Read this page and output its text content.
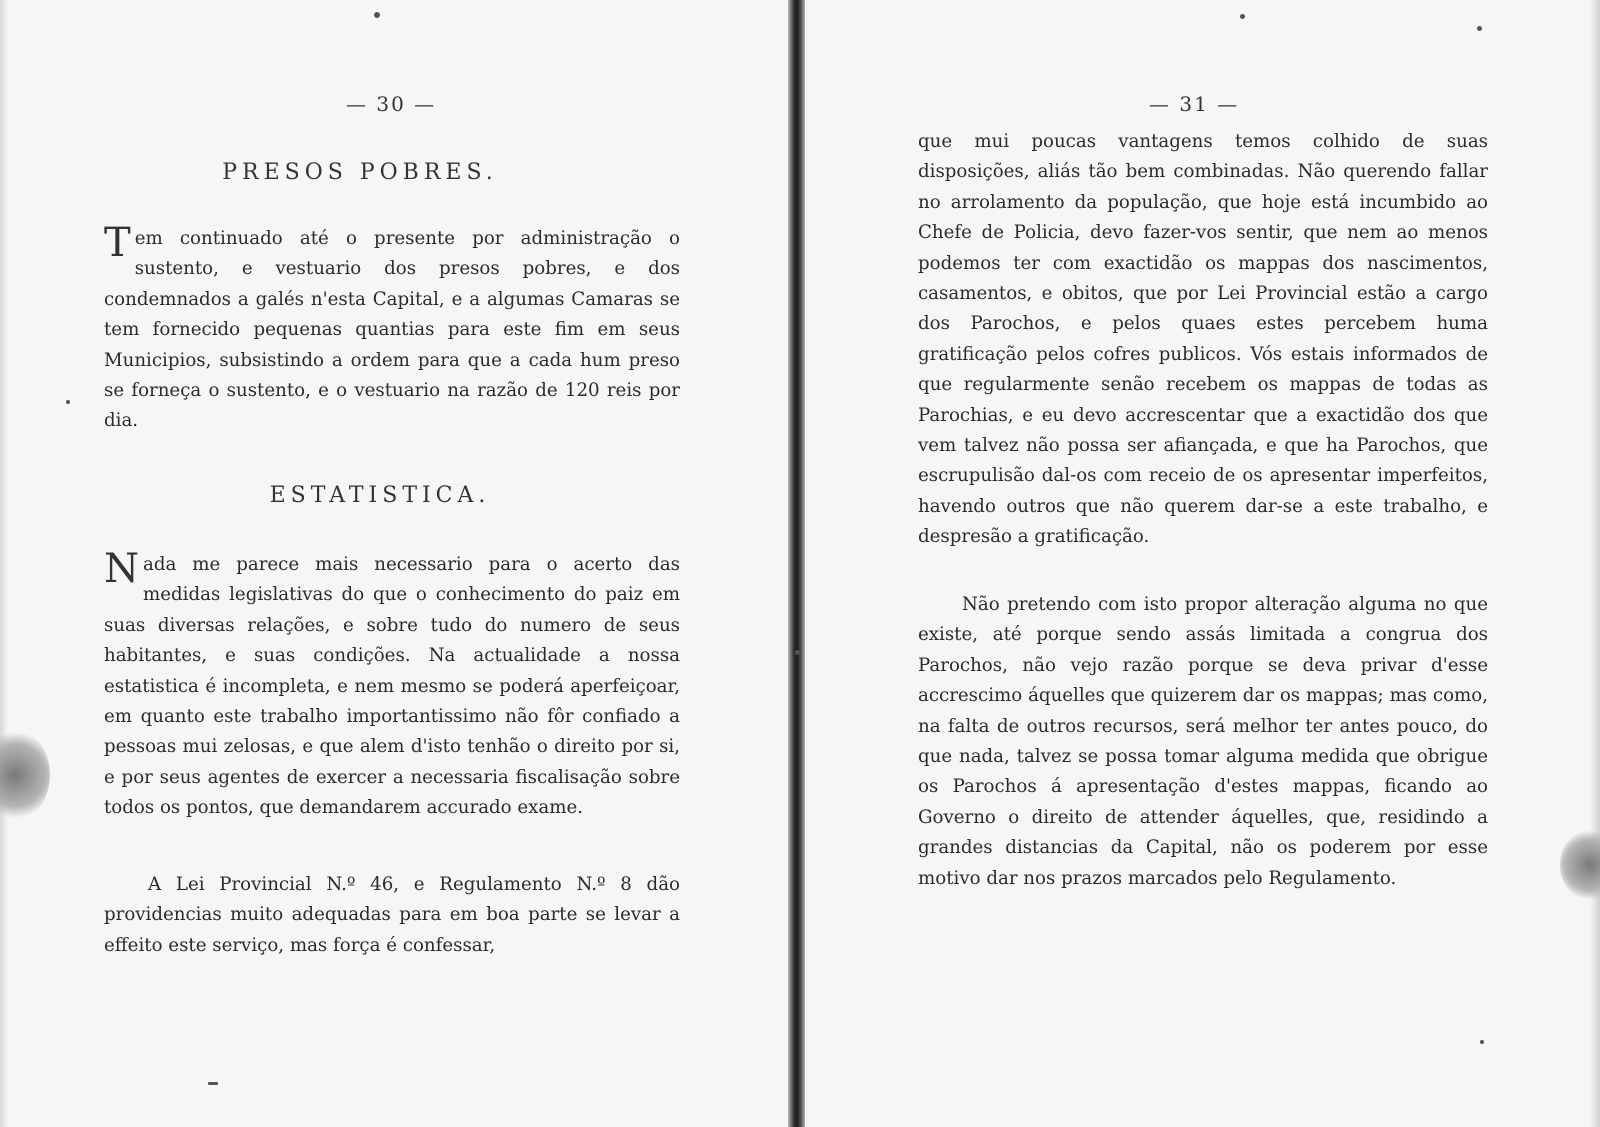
— 30 —
PRESOS POBRES.
Tem continuado até o presente por administração o sustento, e vestuario dos presos pobres, e dos condemnados a galés n'esta Capital, e a algumas Camaras se tem fornecido pequenas quantias para este fim em seus Municipios, subsistindo a ordem para que a cada hum preso se forneça o sustento, e o vestuario na razão de 120 reis por dia.
ESTATISTICA.
Nada me parece mais necessario para o acerto das medidas legislativas do que o conhecimento do paiz em suas diversas relações, e sobre tudo do numero de seus habitantes, e suas condições. Na actualidade a nossa estatistica é incompleta, e nem mesmo se poderá aperfeiçoar, em quanto este trabalho importantissimo não fôr confiado a pessoas mui zelosas, e que alem d'isto tenhão o direito por si, e por seus agentes de exercer a necessaria fiscalisação sobre todos os pontos, que demandarem accurado exame.
A Lei Provincial N.º 46, e Regulamento N.º 8 dão providencias muito adequadas para em boa parte se levar a effeito este serviço, mas força é confessar,
— 31 —
que mui poucas vantagens temos colhido de suas disposições, aliás tão bem combinadas. Não querendo fallar no arrolamento da população, que hoje está incumbido ao Chefe de Policia, devo fazer-vos sentir, que nem ao menos podemos ter com exactidão os mappas dos nascimentos, casamentos, e obitos, que por Lei Provincial estão a cargo dos Parochos, e pelos quaes estes percebem huma gratificação pelos cofres publicos. Vós estais informados de que regularmente senão recebem os mappas de todas as Parochias, e eu devo accrescentar que a exactidão dos que vem talvez não possa ser afiançada, e que ha Parochos, que escrupulisão dal-os com receio de os apresentar imperfeitos, havendo outros que não querem dar-se a este trabalho, e despresão a gratificação.
Não pretendo com isto propor alteração alguma no que existe, até porque sendo assás limitada a congrua dos Parochos, não vejo razão porque se deva privar d'esse accrescimo áquelles que quizerem dar os mappas; mas como, na falta de outros recursos, será melhor ter antes pouco, do que nada, talvez se possa tomar alguma medida que obrigue os Parochos á apresentação d'estes mappas, ficando ao Governo o direito de attender áquelles, que, residindo a grandes distancias da Capital, não os poderem por esse motivo dar nos prazos marcados pelo Regulamento.
